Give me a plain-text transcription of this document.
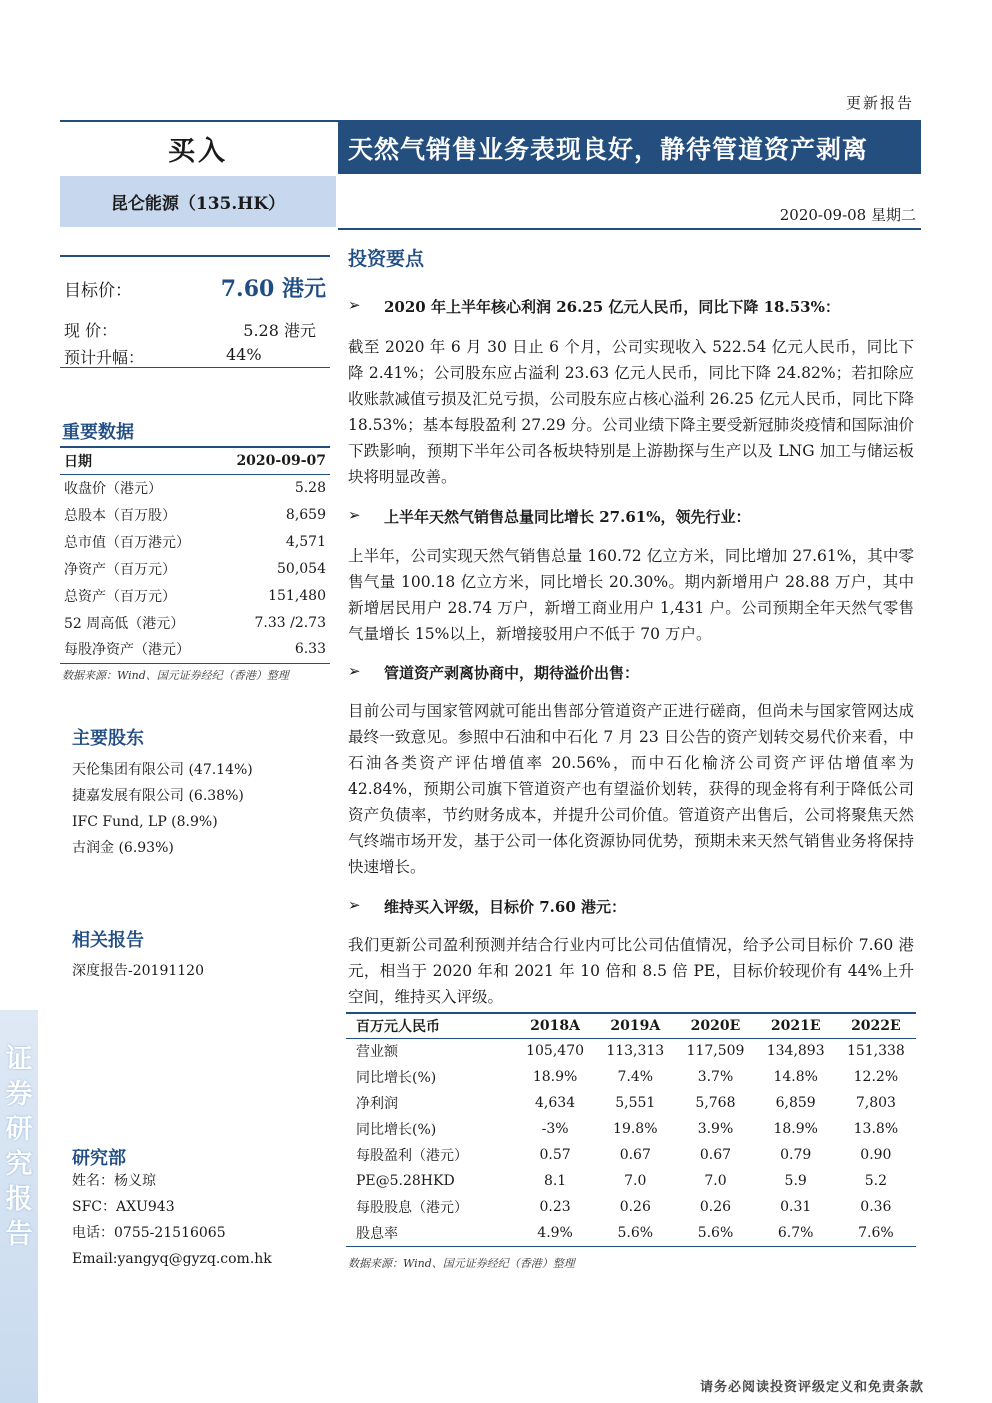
证
券
研
究
报
告
更新报告
买入	天然气销售业务表现良好，静待管道资产剥离
昆仑能源（135.HK）
2020-09-08 星期二
目标价：	7.60 港元
现 价：	5.28 港元
预计升幅：	44%
重要数据
日期	2020-09-07
收盘价（港元）	5.28
总股本（百万股）	8,659
总市值（百万港元）	4,571
净资产（百万元）	50,054
总资产（百万元）	151,480
52 周高低（港元）	7.33 /2.73
每股净资产（港元）	6.33
数据来源：Wind、国元证券经纪（香港）整理
主要股东
天伦集团有限公司 (47.14%)
捷嘉发展有限公司 (6.38%)
IFC Fund, LP (8.9%)
古润金 (6.93%)
相关报告
深度报告-20191120
研究部
姓名：杨义琼
SFC：AXU943
电话：0755-21516065
Email:yangyq@gyzq.com.hk
投资要点
➢	2020 年上半年核心利润 26.25 亿元人民币，同比下降 18.53%：
截至 2020 年 6 月 30 日止 6 个月，公司实现收入 522.54 亿元人民币，同比下降 2.41%；公司股东应占溢利 23.63 亿元人民币，同比下降 24.82%；若扣除应收账款减值亏损及汇兑亏损，公司股东应占核心溢利 26.25 亿元人民币，同比下降 18.53%；基本每股盈利 27.29 分。公司业绩下降主要受新冠肺炎疫情和国际油价下跌影响，预期下半年公司各板块特别是上游勘探与生产以及 LNG 加工与储运板块将明显改善。
➢	上半年天然气销售总量同比增长 27.61%，领先行业：
上半年，公司实现天然气销售总量 160.72 亿立方米，同比增加 27.61%，其中零售气量 100.18 亿立方米，同比增长 20.30%。期内新增用户 28.88 万户，其中新增居民用户 28.74 万户，新增工商业用户 1,431 户。公司预期全年天然气零售气量增长 15%以上，新增接驳用户不低于 70 万户。
➢	管道资产剥离协商中，期待溢价出售：
目前公司与国家管网就可能出售部分管道资产正进行磋商，但尚未与国家管网达成最终一致意见。参照中石油和中石化 7 月 23 日公告的资产划转交易代价来看，中石油各类资产评估增值率 20.56%，而中石化榆济公司资产评估增值率为 42.84%，预期公司旗下管道资产也有望溢价划转，获得的现金将有利于降低公司资产负债率，节约财务成本，并提升公司价值。管道资产出售后，公司将聚焦天然气终端市场开发，基于公司一体化资源协同优势，预期未来天然气销售业务将保持快速增长。
➢	维持买入评级，目标价 7.60 港元：
我们更新公司盈利预测并结合行业内可比公司估值情况，给予公司目标价 7.60 港元，相当于 2020 年和 2021 年 10 倍和 8.5 倍 PE，目标价较现价有 44%上升空间，维持买入评级。
百万元人民币	2018A	2019A	2020E	2021E	2022E
营业额	105,470	113,313	117,509	134,893	151,338
同比增长(%)	18.9%	7.4%	3.7%	14.8%	12.2%
净利润	4,634	5,551	5,768	6,859	7,803
同比增长(%)	-3%	19.8%	3.9%	18.9%	13.8%
每股盈利（港元）	0.57	0.67	0.67	0.79	0.90
PE@5.28HKD	8.1	7.0	7.0	5.9	5.2
每股股息（港元）	0.23	0.26	0.26	0.31	0.36
股息率	4.9%	5.6%	5.6%	6.7%	7.6%
数据来源：Wind、国元证券经纪（香港）整理
请务必阅读投资评级定义和免责条款
